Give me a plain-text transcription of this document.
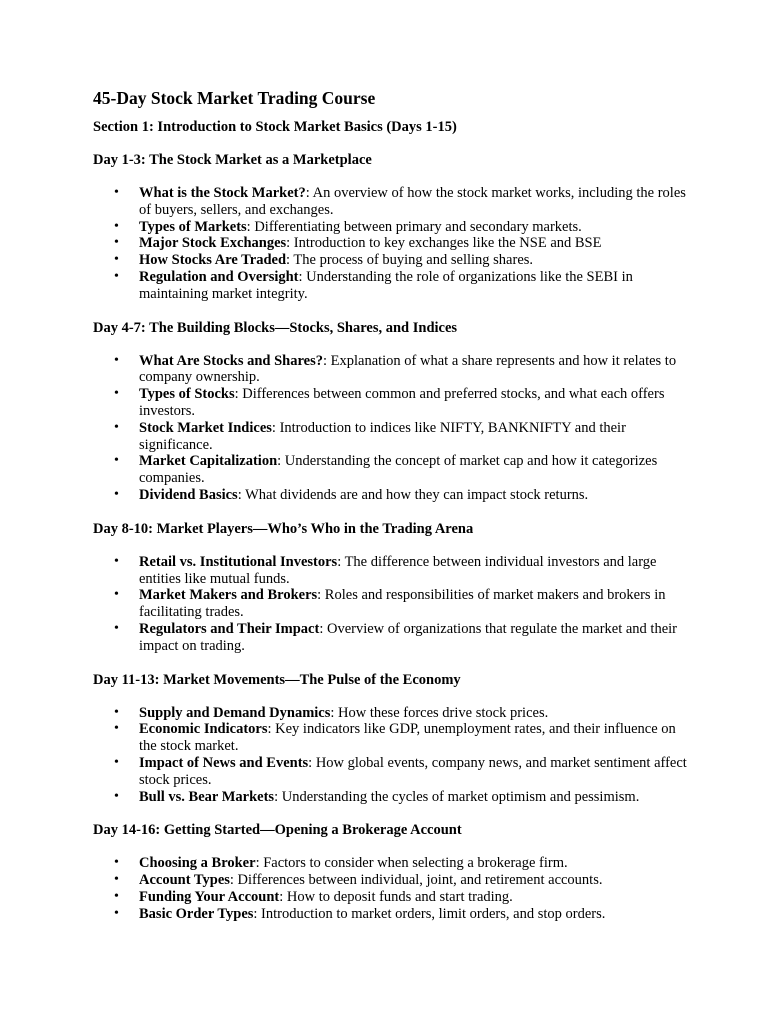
45-Day Stock Market Trading Course
Section 1: Introduction to Stock Market Basics (Days 1-15)
Day 1-3: The Stock Market as a Marketplace
• What is the Stock Market?: An overview of how the stock market works, including the roles of buyers, sellers, and exchanges.
• Types of Markets: Differentiating between primary and secondary markets.
• Major Stock Exchanges: Introduction to key exchanges like the NSE and BSE
• How Stocks Are Traded: The process of buying and selling shares.
• Regulation and Oversight: Understanding the role of organizations like the SEBI in maintaining market integrity.
Day 4-7: The Building Blocks—Stocks, Shares, and Indices
• What Are Stocks and Shares?: Explanation of what a share represents and how it relates to company ownership.
• Types of Stocks: Differences between common and preferred stocks, and what each offers investors.
• Stock Market Indices: Introduction to indices like NIFTY, BANKNIFTY and their significance.
• Market Capitalization: Understanding the concept of market cap and how it categorizes companies.
• Dividend Basics: What dividends are and how they can impact stock returns.
Day 8-10: Market Players—Who’s Who in the Trading Arena
• Retail vs. Institutional Investors: The difference between individual investors and large entities like mutual funds.
• Market Makers and Brokers: Roles and responsibilities of market makers and brokers in facilitating trades.
• Regulators and Their Impact: Overview of organizations that regulate the market and their impact on trading.
Day 11-13: Market Movements—The Pulse of the Economy
• Supply and Demand Dynamics: How these forces drive stock prices.
• Economic Indicators: Key indicators like GDP, unemployment rates, and their influence on the stock market.
• Impact of News and Events: How global events, company news, and market sentiment affect stock prices.
• Bull vs. Bear Markets: Understanding the cycles of market optimism and pessimism.
Day 14-16: Getting Started—Opening a Brokerage Account
• Choosing a Broker: Factors to consider when selecting a brokerage firm.
• Account Types: Differences between individual, joint, and retirement accounts.
• Funding Your Account: How to deposit funds and start trading.
• Basic Order Types: Introduction to market orders, limit orders, and stop orders.
